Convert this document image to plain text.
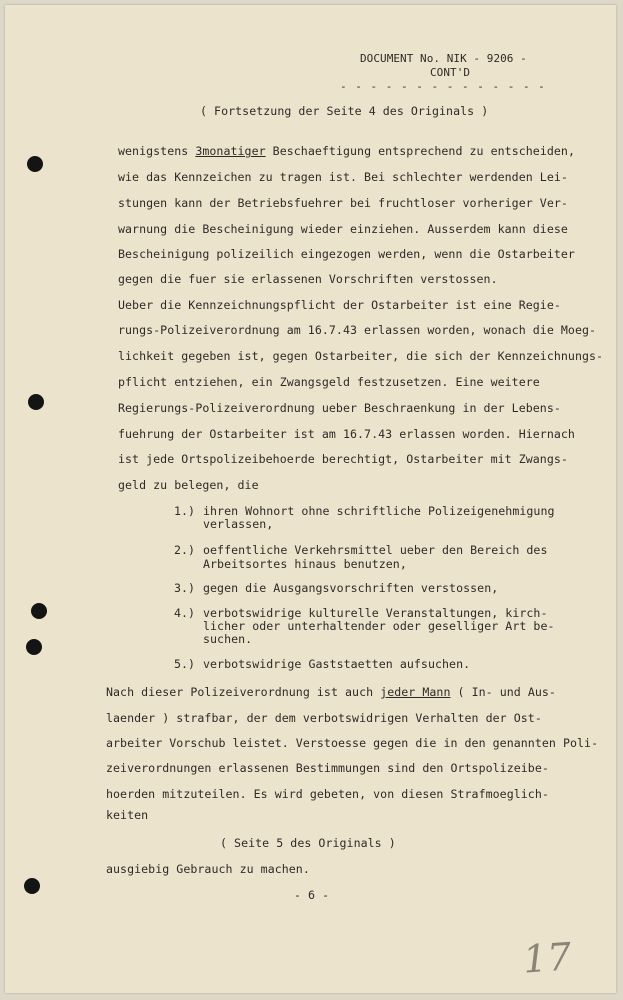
DOCUMENT No. NIK - 9206 -
CONT'D
- - - - - - - - - - - - - -
( Fortsetzung der Seite 4 des Originals )
wenigstens 3monatiger Beschaeftigung entsprechend zu entscheiden,
wie das Kennzeichen zu tragen ist. Bei schlechter werdenden Lei-
stungen kann der Betriebsfuehrer bei fruchtloser vorheriger Ver-
warnung die Bescheinigung wieder einziehen. Ausserdem kann diese
Bescheinigung polizeilich eingezogen werden, wenn die Ostarbeiter
gegen die fuer sie erlassenen Vorschriften verstossen.
Ueber die Kennzeichnungspflicht der Ostarbeiter ist eine Regie-
rungs-Polizeiverordnung am 16.7.43 erlassen worden, wonach die Moeg-
lichkeit gegeben ist, gegen Ostarbeiter, die sich der Kennzeichnungs-
pflicht entziehen, ein Zwangsgeld festzusetzen. Eine weitere
Regierungs-Polizeiverordnung ueber Beschraenkung in der Lebens-
fuehrung der Ostarbeiter ist am 16.7.43 erlassen worden. Hiernach
ist jede Ortspolizeibehoerde berechtigt, Ostarbeiter mit Zwangs-
geld zu belegen, die
1.) ihren Wohnort ohne schriftliche Polizeigenehmigung
verlassen,
2.) oeffentliche Verkehrsmittel ueber den Bereich des
Arbeitsortes hinaus benutzen,
3.) gegen die Ausgangsvorschriften verstossen,
4.) verbotswidrige kulturelle Veranstaltungen, kirch-
licher oder unterhaltender oder geselliger Art be-
suchen.
5.) verbotswidrige Gaststaetten aufsuchen.
Nach dieser Polizeiverordnung ist auch jeder Mann ( In- und Aus-
laender ) strafbar, der dem verbotswidrigen Verhalten der Ost-
arbeiter Vorschub leistet. Verstoesse gegen die in den genannten Poli-
zeiverordnungen erlassenen Bestimmungen sind den Ortspolizeibe-
hoerden mitzuteilen. Es wird gebeten, von diesen Strafmoeglich-
keiten
( Seite 5 des Originals )
ausgiebig Gebrauch zu machen.
- 6 -
17
